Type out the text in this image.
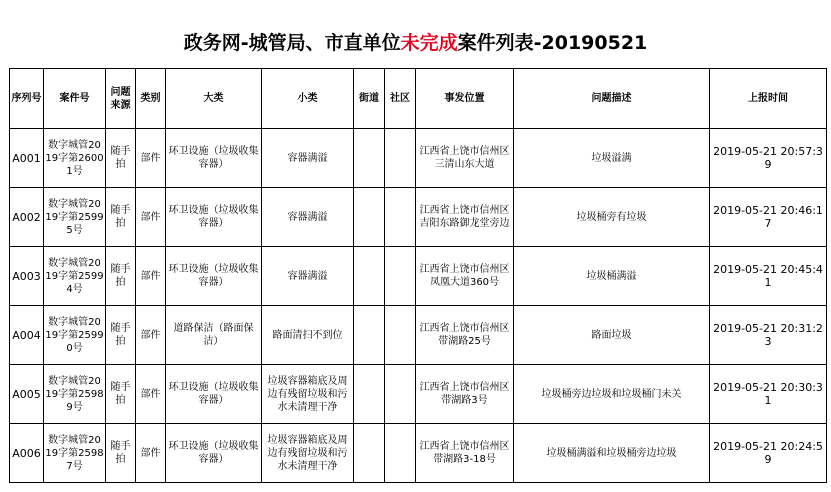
政务网-城管局、市直单位未完成案件列表-20190521
序列号	案件号	问题来源	类别	大类	小类	街道	社区	事发位置	问题描述	上报时间
A001	数字城管2019字第26001号	随手拍	部件	环卫设施（垃圾收集容器）	容器满溢			江西省上饶市信州区三清山东大道	垃圾溢满	2019-05-21 20:57:39
A002	数字城管2019字第25995号	随手拍	部件	环卫设施（垃圾收集容器）	容器满溢			江西省上饶市信州区吉阳东路御龙堂旁边	垃圾桶旁有垃圾	2019-05-21 20:46:17
A003	数字城管2019字第25994号	随手拍	部件	环卫设施（垃圾收集容器）	容器满溢			江西省上饶市信州区凤凰大道360号	垃圾桶满溢	2019-05-21 20:45:41
A004	数字城管2019字第25990号	随手拍	部件	道路保洁（路面保洁）	路面清扫不到位			江西省上饶市信州区带湖路25号	路面垃圾	2019-05-21 20:31:23
A005	数字城管2019字第25989号	随手拍	部件	环卫设施（垃圾收集容器）	垃圾容器箱底及周边有残留垃圾和污水未清理干净			江西省上饶市信州区带湖路3号	垃圾桶旁边垃圾和垃圾桶门未关	2019-05-21 20:30:31
A006	数字城管2019字第25987号	随手拍	部件	环卫设施（垃圾收集容器）	垃圾容器箱底及周边有残留垃圾和污水未清理干净			江西省上饶市信州区带湖路3-18号	垃圾桶满溢和垃圾桶旁边垃圾	2019-05-21 20:24:59
